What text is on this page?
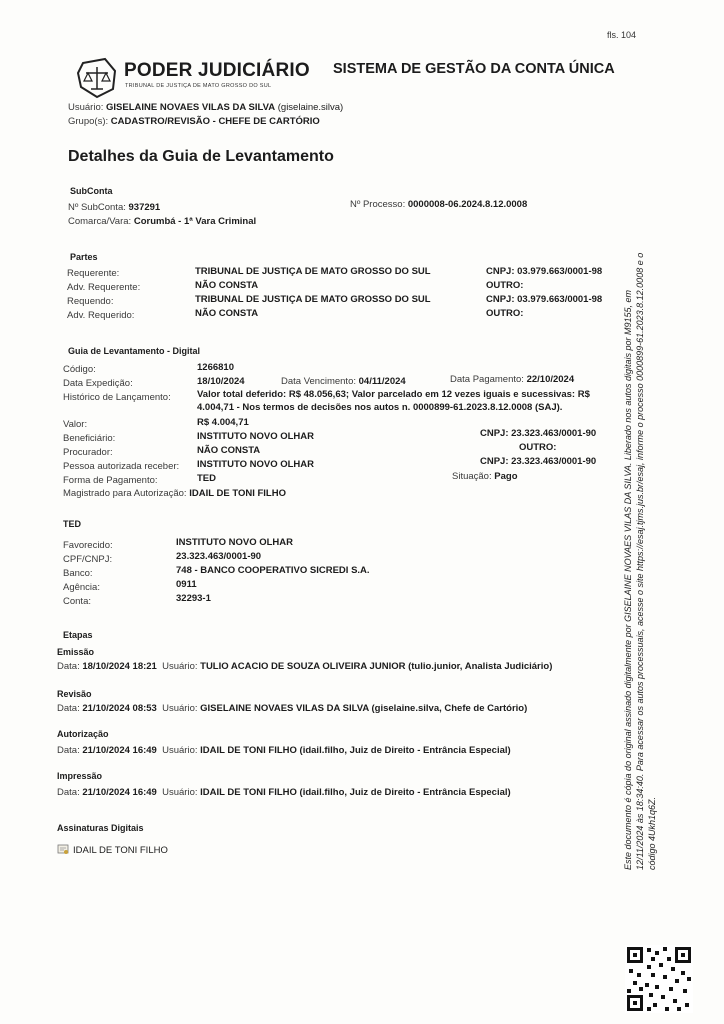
fls. 104
PODER JUDICIÁRIO
TRIBUNAL DE JUSTIÇA DE MATO GROSSO DO SUL
SISTEMA DE GESTÃO DA CONTA ÚNICA
Usuário: GISELAINE NOVAES VILAS DA SILVA (giselaine.silva)
Grupo(s): CADASTRO/REVISÃO - CHEFE DE CARTÓRIO
Detalhes da Guia de Levantamento
SubConta
Nº SubConta: 937291	Nº Processo: 0000008-06.2024.8.12.0008
Comarca/Vara: Corumbá - 1ª Vara Criminal
Partes
Requerente:	TRIBUNAL DE JUSTIÇA DE MATO GROSSO DO SUL	CNPJ: 03.979.663/0001-98
Adv. Requerente:	NÃO CONSTA	OUTRO:
Requendo:	TRIBUNAL DE JUSTIÇA DE MATO GROSSO DO SUL	CNPJ: 03.979.663/0001-98
Adv. Requerido:	NÃO CONSTA	OUTRO:
Guia de Levantamento - Digital
Código:	1266810
Data Expedição:	18/10/2024	Data Vencimento: 04/11/2024	Data Pagamento: 22/10/2024
Histórico de Lançamento:	Valor total deferido: R$ 48.056,63; Valor parcelado em 12 vezes iguais e sucessivas: R$
4.004,71 - Nos termos de decisões nos autos n. 0000899-61.2023.8.12.0008 (SAJ).
Valor:	R$ 4.004,71
Beneficiário:	INSTITUTO NOVO OLHAR	CNPJ: 23.323.463/0001-90
Procurador:	NÃO CONSTA	OUTRO:
Pessoa autorizada receber: INSTITUTO NOVO OLHAR	CNPJ: 23.323.463/0001-90
Forma de Pagamento:	TED	Situação: Pago
Magistrado para Autorização: IDAIL DE TONI FILHO
TED
Favorecido:	INSTITUTO NOVO OLHAR
CPF/CNPJ:	23.323.463/0001-90
Banco:	748 - BANCO COOPERATIVO SICREDI S.A.
Agência:	0911
Conta:	32293-1
Etapas
Emissão
Data: 18/10/2024 18:21 Usuário: TULIO ACACIO DE SOUZA OLIVEIRA JUNIOR (tulio.junior, Analista Judiciário)
Revisão
Data: 21/10/2024 08:53 Usuário: GISELAINE NOVAES VILAS DA SILVA (giselaine.silva, Chefe de Cartório)
Autorização
Data: 21/10/2024 16:49 Usuário: IDAIL DE TONI FILHO (idail.filho, Juiz de Direito - Entrância Especial)
Impressão
Data: 21/10/2024 16:49 Usuário: IDAIL DE TONI FILHO (idail.filho, Juiz de Direito - Entrância Especial)
Assinaturas Digitais
IDAIL DE TONI FILHO	Este documento é cópia do original assinado digitalmente por GISELAINE NOVAES VILAS DA SILVA. Liberado nos autos digitais por M9155, em 12/11/2024 às 18:34:40. Para acessar os autos processuais, acesse o site https://esaj.tjms.jus.br/esaj, informe o processo 0000899-61.2023.8.12.0008 e o código 4Ukh1q6Z.
